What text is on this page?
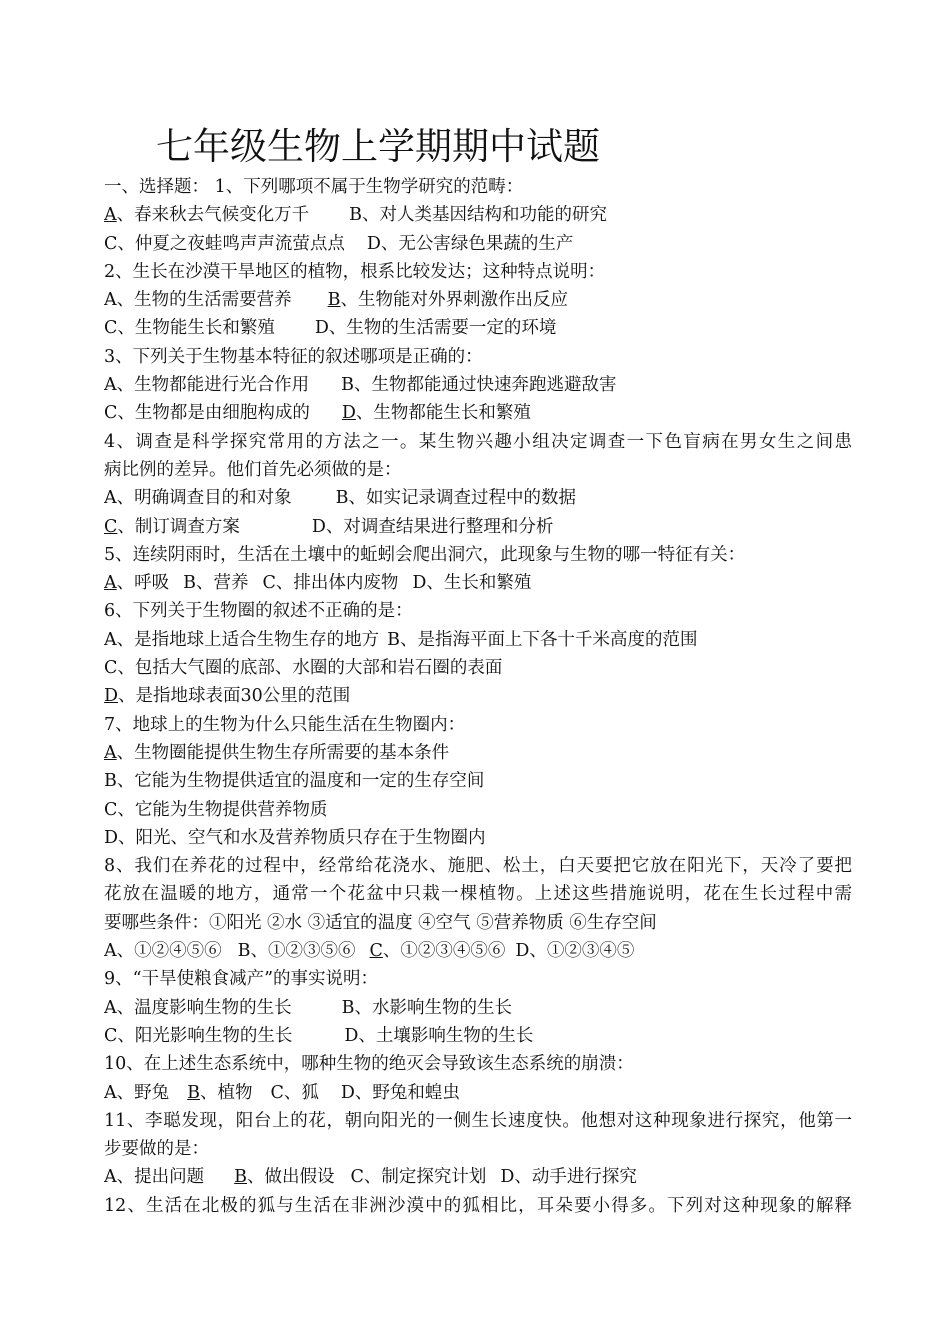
七年级生物上学期期中试题
一、选择题： 1、下列哪项不属于生物学研究的范畴：
A、春来秋去气候变化万千 B、对人类基因结构和功能的研究
C、仲夏之夜蛙鸣声声流萤点点 D、无公害绿色果蔬的生产
2、生长在沙漠干旱地区的植物，根系比较发达；这种特点说明：
A、生物的生活需要营养 B、生物能对外界刺激作出反应
C、生物能生长和繁殖 D、生物的生活需要一定的环境
3、下列关于生物基本特征的叙述哪项是正确的：
A、生物都能进行光合作用 B、生物都能通过快速奔跑逃避敌害
C、生物都是由细胞构成的 D、生物都能生长和繁殖
4、调查是科学探究常用的方法之一。某生物兴趣小组决定调查一下色盲病在男女生之间患
病比例的差异。他们首先必须做的是：
A、明确调查目的和对象	B、如实记录调查过程中的数据
C、制订调查方案	D、对调查结果进行整理和分析
5、连续阴雨时，生活在土壤中的蚯蚓会爬出洞穴，此现象与生物的哪一特征有关：
A、呼吸 B、营养 C、排出体内废物 D、生长和繁殖
6、下列关于生物圈的叙述不正确的是：
A、是指地球上适合生物生存的地方 B、是指海平面上下各十千米高度的范围
C、包括大气圈的底部、水圈的大部和岩石圈的表面
D、是指地球表面30公里的范围
7、地球上的生物为什么只能生活在生物圈内：
A、生物圈能提供生物生存所需要的基本条件
B、它能为生物提供适宜的温度和一定的生存空间
C、它能为生物提供营养物质
D、阳光、空气和水及营养物质只存在于生物圈内
8、我们在养花的过程中，经常给花浇水、施肥、松土，白天要把它放在阳光下，天冷了要把
花放在温暖的地方，通常一个花盆中只栽一棵植物。上述这些措施说明，花在生长过程中需
要哪些条件：①阳光 ②水 ③适宜的温度 ④空气 ⑤营养物质 ⑥生存空间
A、①②④⑤⑥ B、①②③⑤⑥ C、①②③④⑤⑥ D、①②③④⑤
9、“干旱使粮食减产”的事实说明：
A、温度影响生物的生长	B、水影响生物的生长
C、阳光影响生物的生长	D、土壤影响生物的生长
10、在上述生态系统中，哪种生物的绝灭会导致该生态系统的崩溃：
A、野兔 B、植物 C、狐 D、野兔和蝗虫
11、李聪发现，阳台上的花，朝向阳光的一侧生长速度快。他想对这种现象进行探究，他第一
步要做的是：
A、提出问题 B、做出假设 C、制定探究计划 D、动手进行探究
12、生活在北极的狐与生活在非洲沙漠中的狐相比，耳朵要小得多。下列对这种现象的解释
